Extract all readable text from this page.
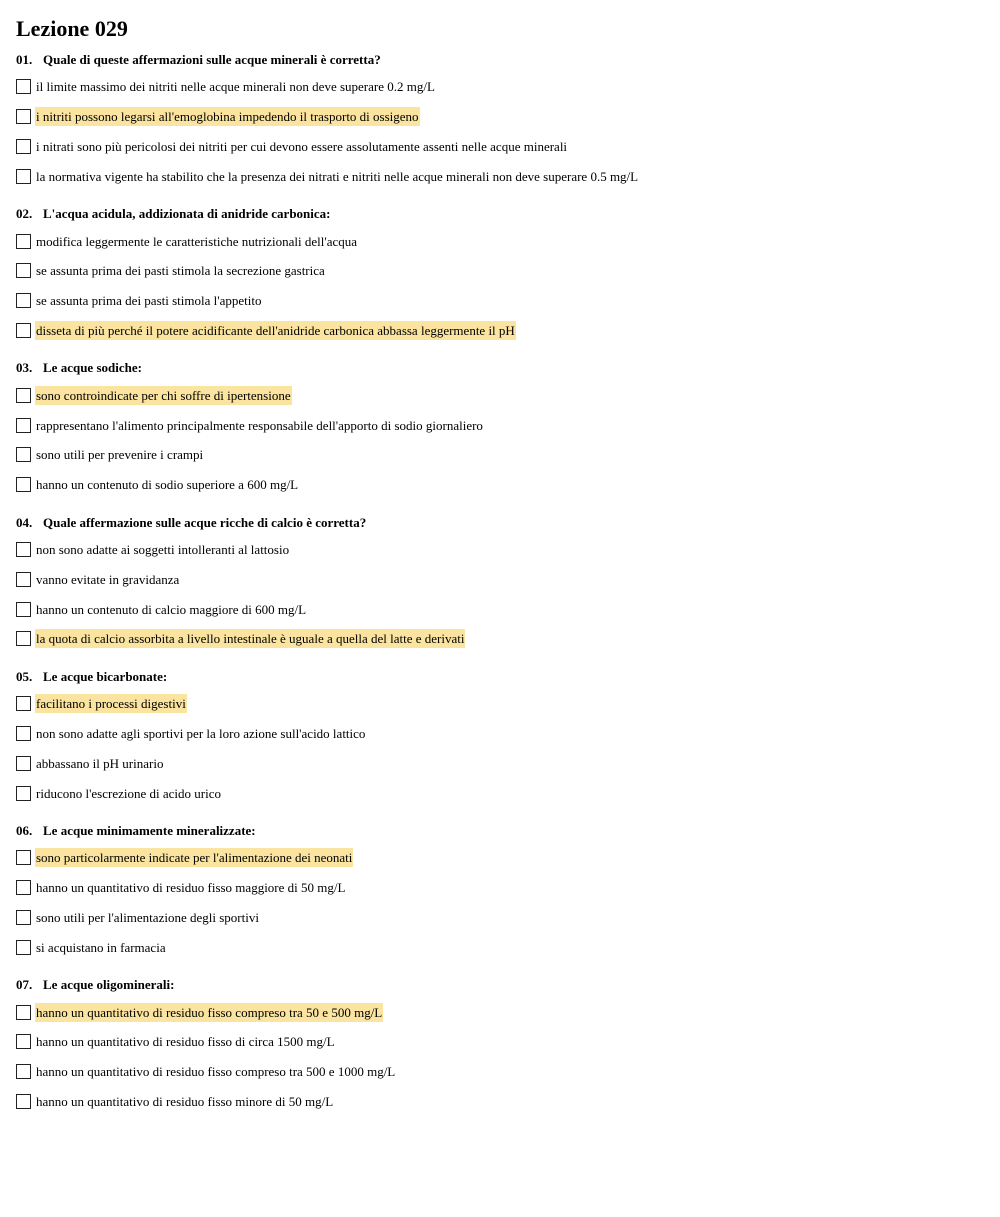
Lezione 029
01. Quale di queste affermazioni sulle acque minerali è corretta?
il limite massimo dei nitriti nelle acque minerali non deve superare 0.2 mg/L
i nitriti possono legarsi all'emoglobina impedendo il trasporto di ossigeno
i nitrati sono più pericolosi dei nitriti per cui devono essere assolutamente assenti nelle acque minerali
la normativa vigente ha stabilito che la presenza dei nitrati e nitriti nelle acque minerali non deve superare 0.5 mg/L
02. L'acqua acidula, addizionata di anidride carbonica:
modifica leggermente le caratteristiche nutrizionali dell'acqua
se assunta prima dei pasti stimola la secrezione gastrica
se assunta prima dei pasti stimola l'appetito
disseta di più perché il potere acidificante dell'anidride carbonica abbassa leggermente il pH
03. Le acque sodiche:
sono controindicate per chi soffre di ipertensione
rappresentano l'alimento principalmente responsabile dell'apporto di sodio giornaliero
sono utili per prevenire i crampi
hanno un contenuto di sodio superiore a 600 mg/L
04. Quale affermazione sulle acque ricche di calcio è corretta?
non sono adatte ai soggetti intolleranti al lattosio
vanno evitate in gravidanza
hanno un contenuto di calcio maggiore di 600 mg/L
la quota di calcio assorbita a livello intestinale è uguale a quella del latte e derivati
05. Le acque bicarbonate:
facilitano i processi digestivi
non sono adatte agli sportivi per la loro azione sull'acido lattico
abbassano il pH urinario
riducono l'escrezione di acido urico
06. Le acque minimamente mineralizzate:
sono particolarmente indicate per l'alimentazione dei neonati
hanno un quantitativo di residuo fisso maggiore di 50 mg/L
sono utili per l'alimentazione degli sportivi
si acquistano in farmacia
07. Le acque oligominerali:
hanno un quantitativo di residuo fisso compreso tra 50 e 500 mg/L
hanno un quantitativo di residuo fisso di circa 1500 mg/L
hanno un quantitativo di residuo fisso compreso tra 500 e 1000 mg/L
hanno un quantitativo di residuo fisso minore di 50 mg/L
